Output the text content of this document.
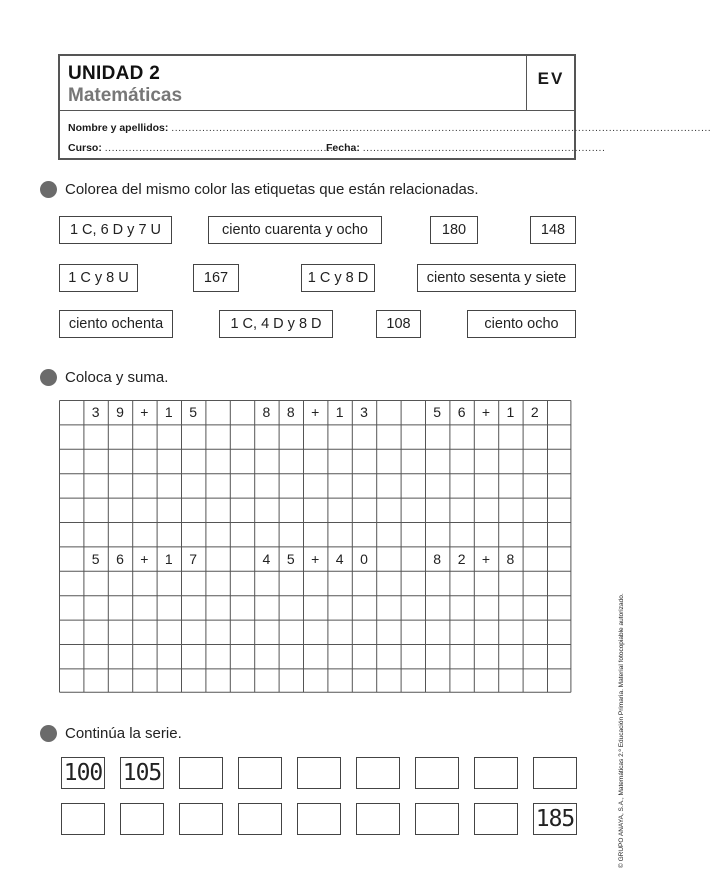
UNIDAD 2
Matemáticas
EV
Nombre y apellidos: ..............................................................................................................................................................
Curso: ...................................................................
Fecha: .......................................................................
Colorea del mismo color las etiquetas que están relacionadas.
1 C, 6 D y 7 U	ciento cuarenta y ocho	180	148
1 C y 8 U	167	1 C y 8 D	ciento sesenta y siete
ciento ochenta	1 C, 4 D y 8 D	108	ciento ocho
Coloca y suma.
3	9	+	1	5	8	8	+	1	3	5	6	+	1	2
5	6	+	1	7	4	5	+	4	0	8	2	+	8
Continúa la serie.
100 105
185	© GRUPO ANAYA, S.A., Matemáticas 2.º Educación Primaria. Material fotocopiable autorizado.
